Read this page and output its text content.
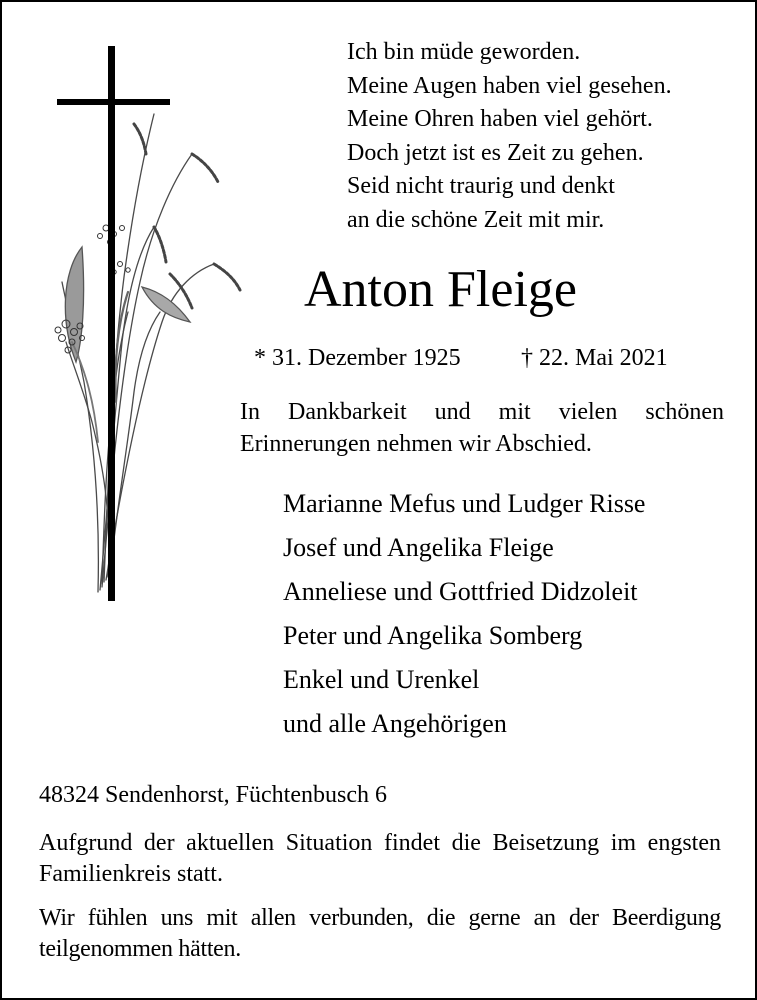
Ich bin müde geworden.
Meine Augen haben viel gesehen.
Meine Ohren haben viel gehört.
Doch jetzt ist es Zeit zu gehen.
Seid nicht traurig und denkt
an die schöne Zeit mit mir.
Anton Fleige
* 31. Dezember 1925	† 22. Mai 2021
In Dankbarkeit und mit vielen schönen Erinnerungen nehmen wir Abschied.
Marianne Mefus und Ludger Risse
Josef und Angelika Fleige
Anneliese und Gottfried Didzoleit
Peter und Angelika Somberg
Enkel und Urenkel
und alle Angehörigen
48324 Sendenhorst, Füchtenbusch 6
Aufgrund der aktuellen Situation findet die Beisetzung im engsten Familienkreis statt.
Wir fühlen uns mit allen verbunden, die gerne an der Beerdigung teilgenommen hätten.
